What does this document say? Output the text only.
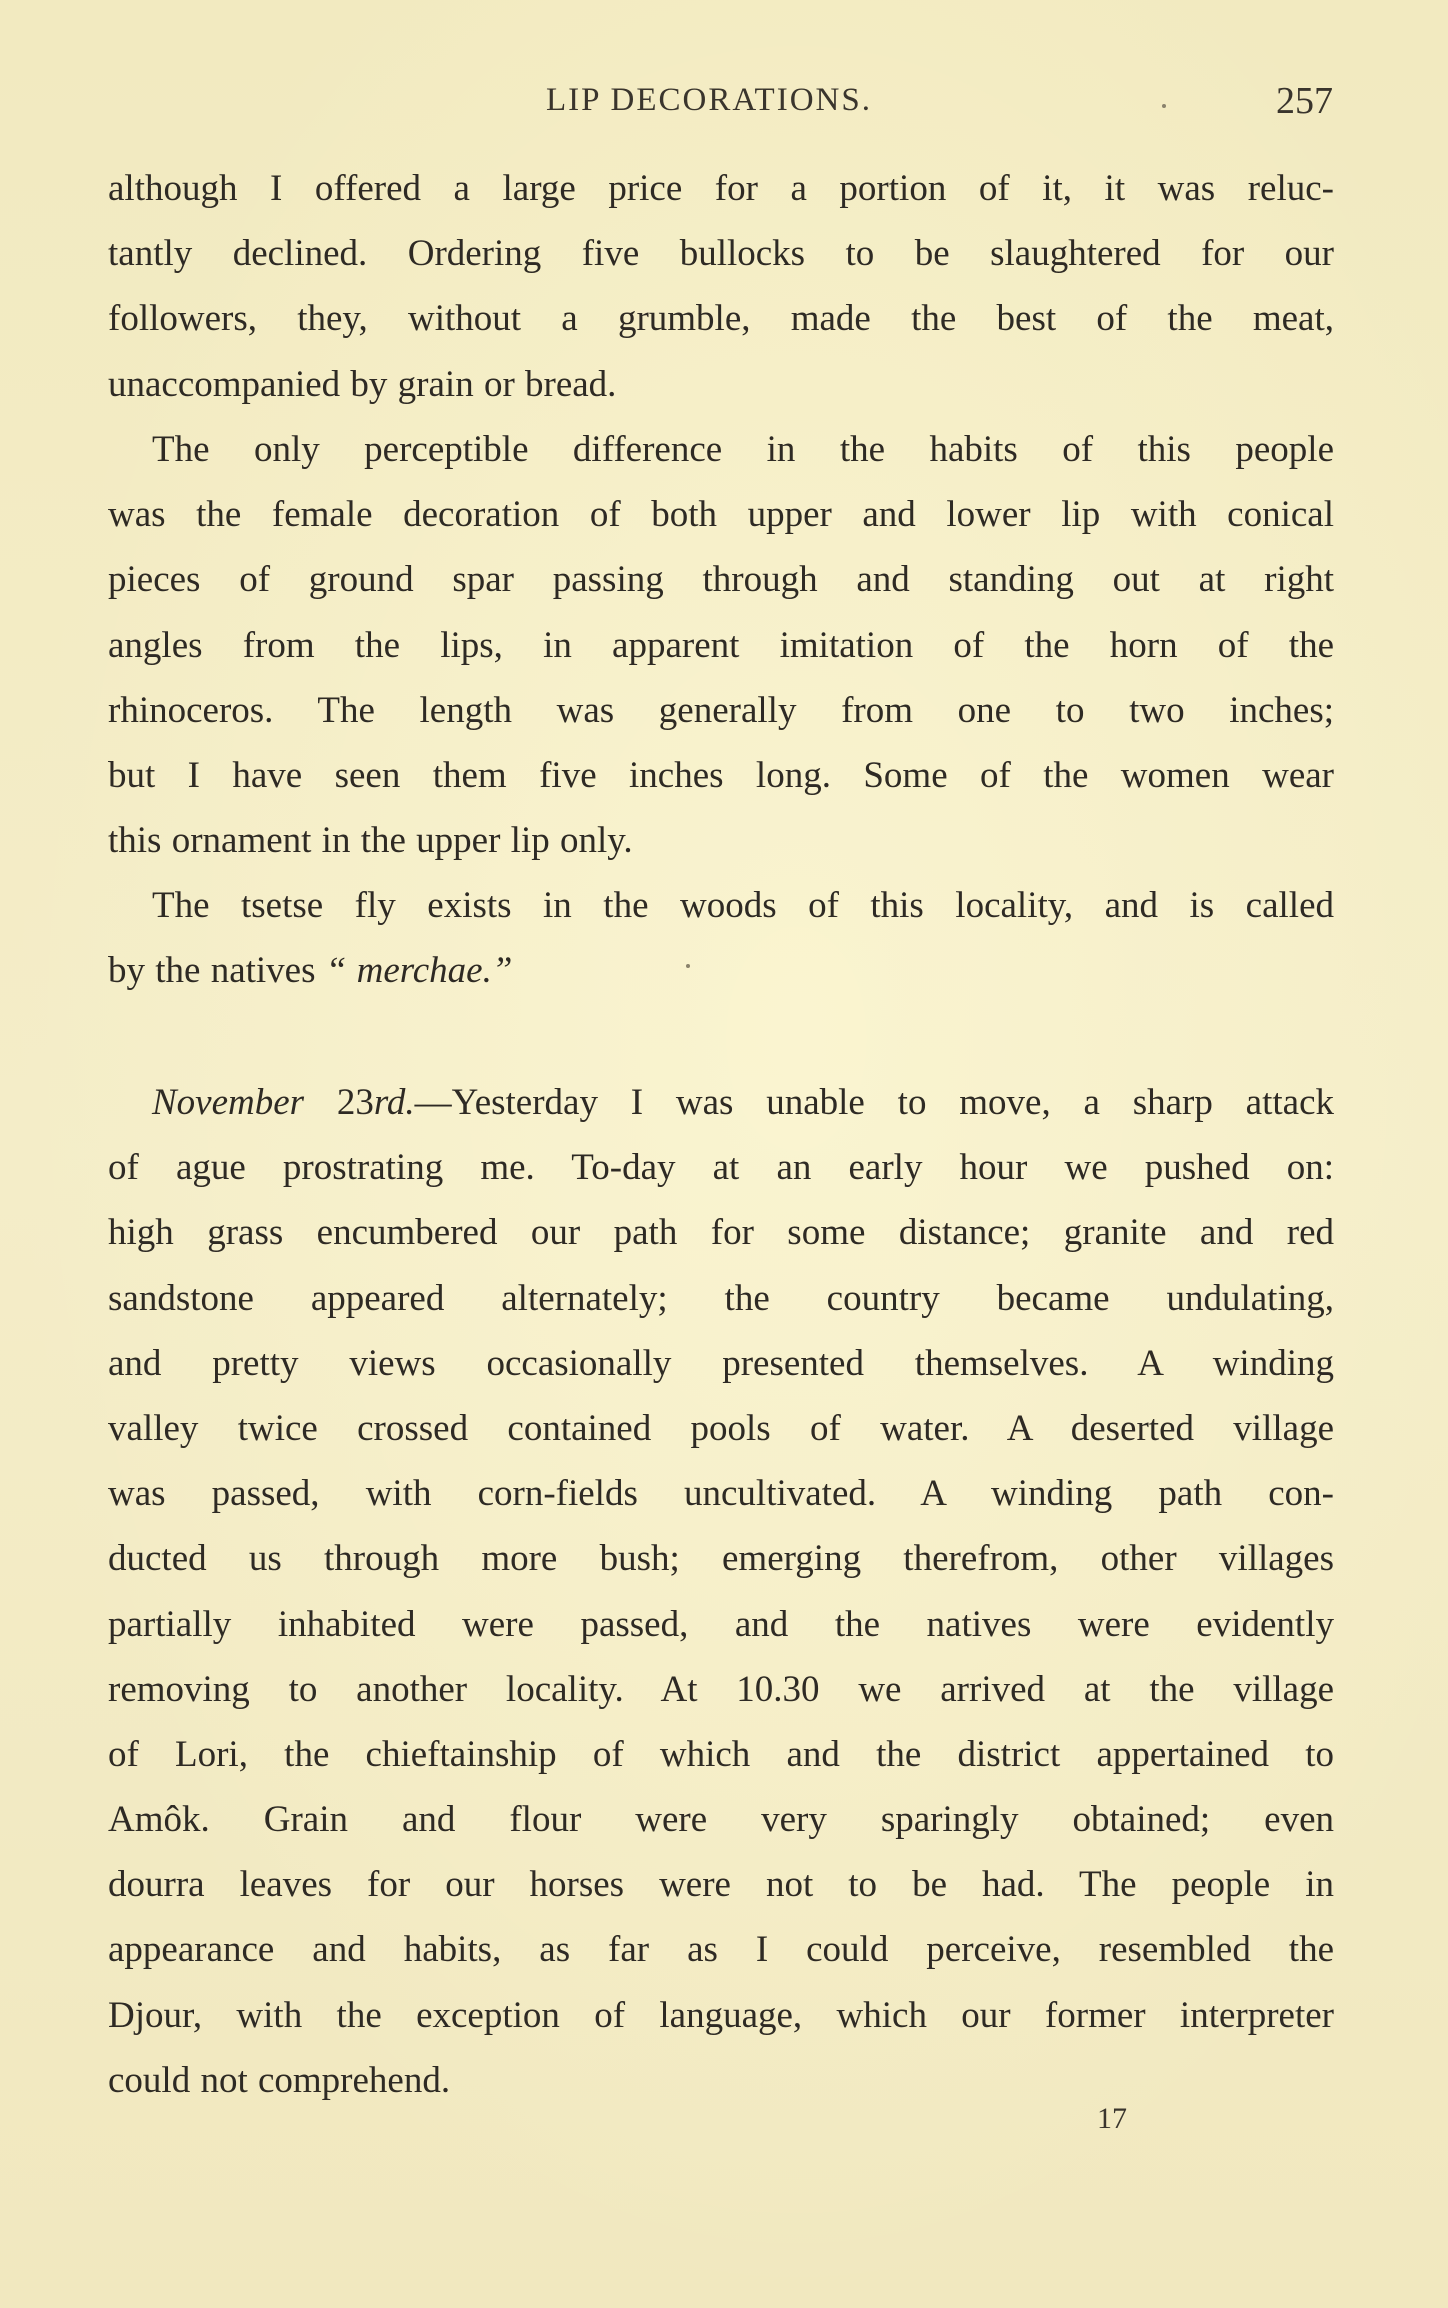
LIP DECORATIONS.	257
although I offered a large price for a portion of it, it was reluc-
tantly declined. Ordering five bullocks to be slaughtered for our
followers, they, without a grumble, made the best of the meat,
unaccompanied by grain or bread.
The only perceptible difference in the habits of this people
was the female decoration of both upper and lower lip with conical
pieces of ground spar passing through and standing out at right
angles from the lips, in apparent imitation of the horn of the
rhinoceros. The length was generally from one to two inches;
but I have seen them five inches long. Some of the women wear
this ornament in the upper lip only.
The tsetse fly exists in the woods of this locality, and is called
by the natives “ merchae.”
November 23rd.—Yesterday I was unable to move, a sharp attack
of ague prostrating me. To-day at an early hour we pushed on:
high grass encumbered our path for some distance; granite and red
sandstone appeared alternately; the country became undulating,
and pretty views occasionally presented themselves. A winding
valley twice crossed contained pools of water. A deserted village
was passed, with corn-fields uncultivated. A winding path con-
ducted us through more bush; emerging therefrom, other villages
partially inhabited were passed, and the natives were evidently
removing to another locality. At 10.30 we arrived at the village
of Lori, the chieftainship of which and the district appertained to
Amôk. Grain and flour were very sparingly obtained; even
dourra leaves for our horses were not to be had. The people in
appearance and habits, as far as I could perceive, resembled the
Djour, with the exception of language, which our former interpreter
could not comprehend.
17
